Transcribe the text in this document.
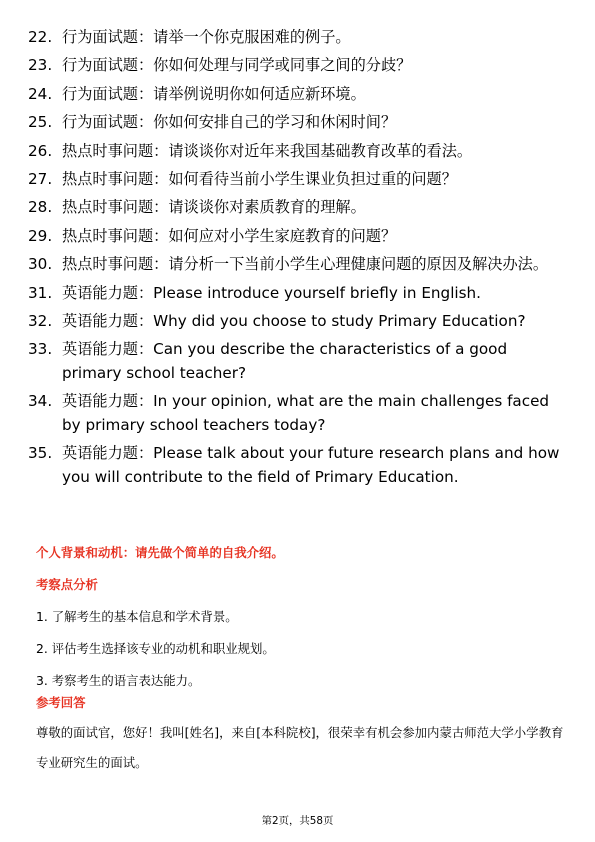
22. 行为面试题：请举一个你克服困难的例子。
23. 行为面试题：你如何处理与同学或同事之间的分歧？
24. 行为面试题：请举例说明你如何适应新环境。
25. 行为面试题：你如何安排自己的学习和休闲时间？
26. 热点时事问题：请谈谈你对近年来我国基础教育改革的看法。
27. 热点时事问题：如何看待当前小学生课业负担过重的问题？
28. 热点时事问题：请谈谈你对素质教育的理解。
29. 热点时事问题：如何应对小学生家庭教育的问题？
30. 热点时事问题：请分析一下当前小学生心理健康问题的原因及解决办法。
31. 英语能力题：Please introduce yourself briefly in English.
32. 英语能力题：Why did you choose to study Primary Education?
33. 英语能力题：Can you describe the characteristics of a good primary school teacher?
34. 英语能力题：In your opinion, what are the main challenges faced by primary school teachers today?
35. 英语能力题：Please talk about your future research plans and how you will contribute to the field of Primary Education.
个人背景和动机：请先做个简单的自我介绍。
考察点分析
1. 了解考生的基本信息和学术背景。
2. 评估考生选择该专业的动机和职业规划。
3. 考察考生的语言表达能力。
参考回答
尊敬的面试官，您好！我叫[姓名]，来自[本科院校]，很荣幸有机会参加内蒙古师范大学小学教育专业研究生的面试。
第2页，共58页
